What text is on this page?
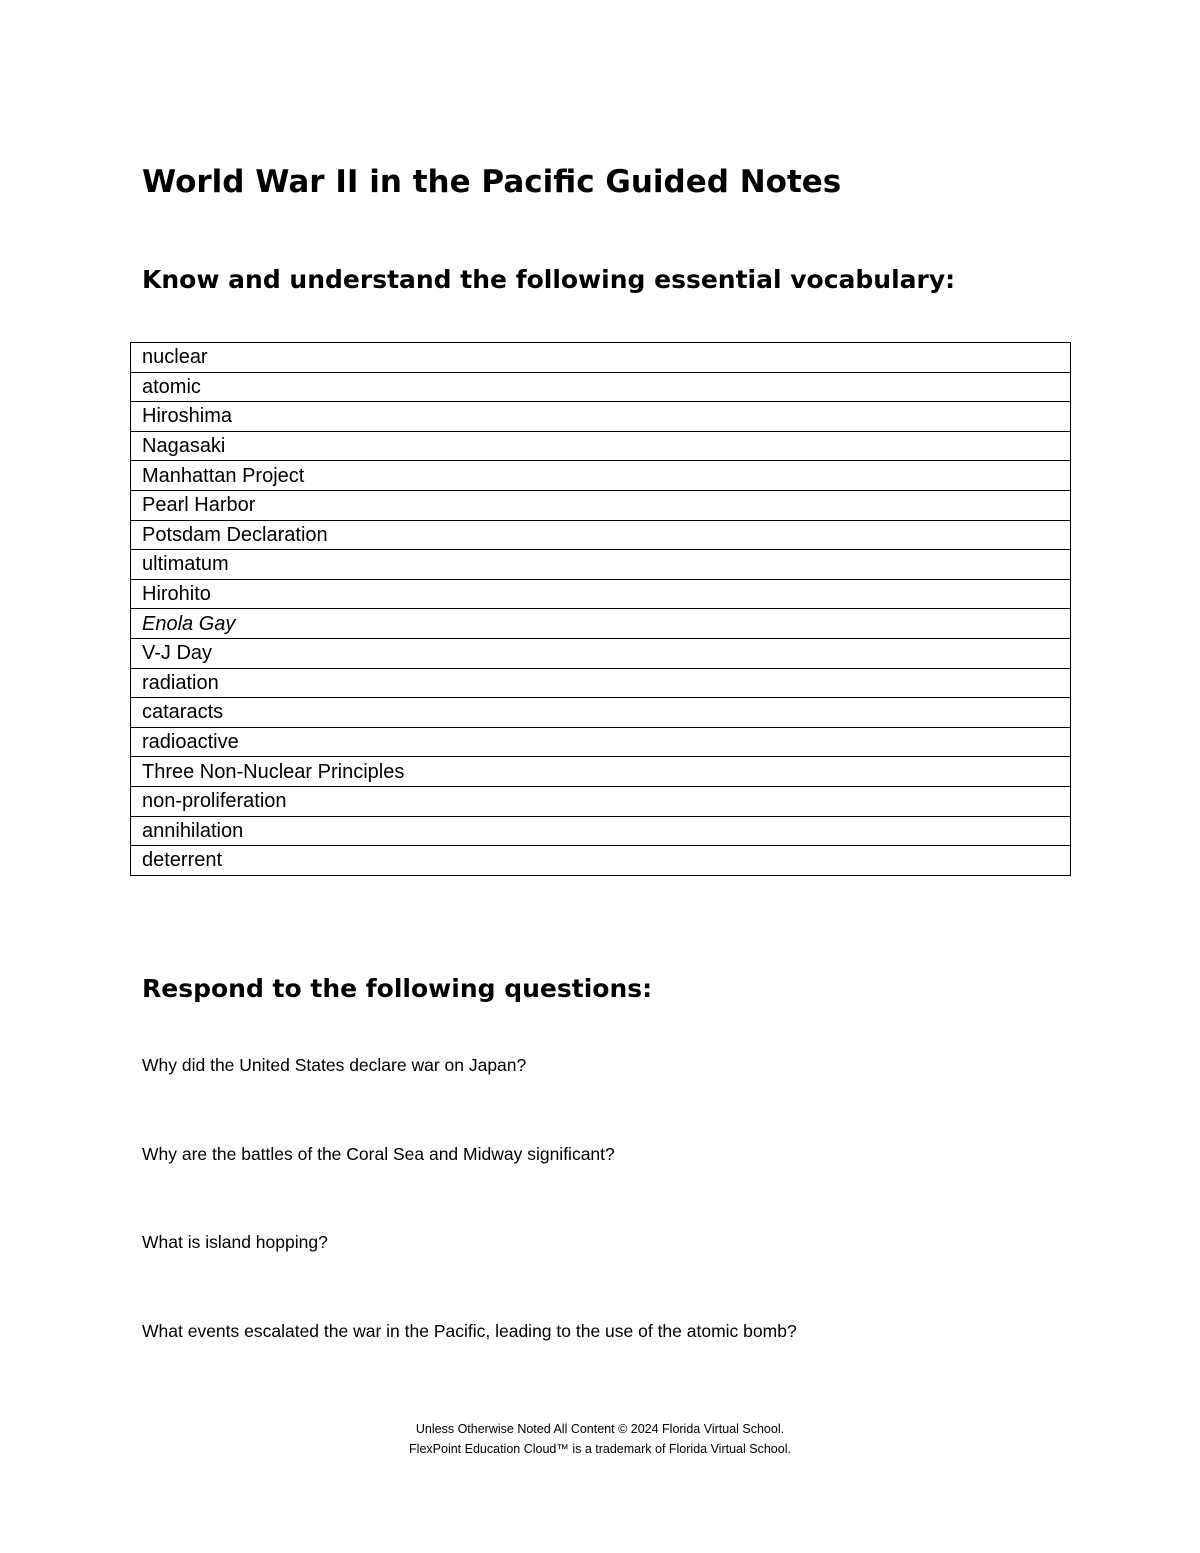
World War II in the Pacific Guided Notes
Know and understand the following essential vocabulary:
nuclear
atomic
Hiroshima
Nagasaki
Manhattan Project
Pearl Harbor
Potsdam Declaration
ultimatum
Hirohito
Enola Gay
V-J Day
radiation
cataracts
radioactive
Three Non-Nuclear Principles
non-proliferation
annihilation
deterrent
Respond to the following questions:

Why did the United States declare war on Japan?

Why are the battles of the Coral Sea and Midway significant?

What is island hopping?

What events escalated the war in the Pacific, leading to the use of the atomic bomb?

Unless Otherwise Noted All Content © 2024 Florida Virtual School.
FlexPoint Education Cloud™ is a trademark of Florida Virtual School.
